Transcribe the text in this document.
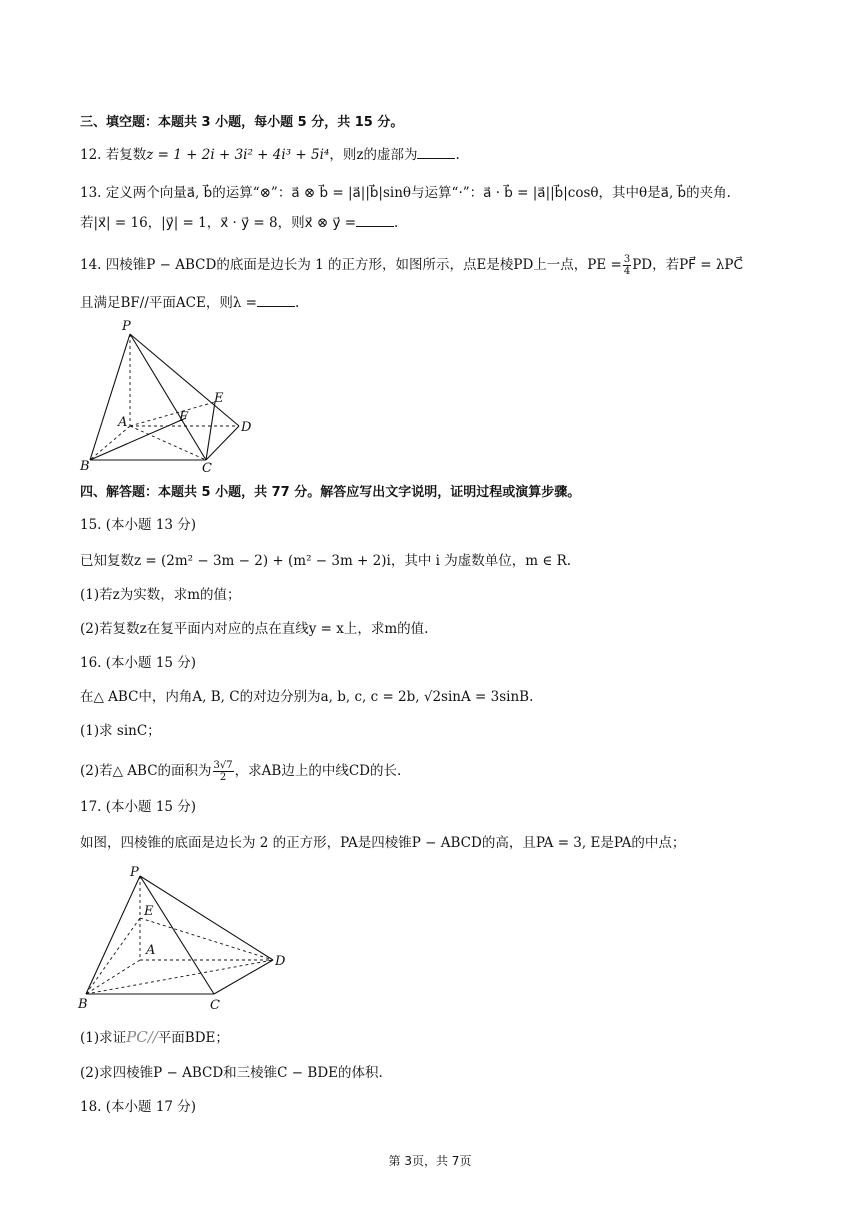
三、填空题：本题共 3 小题，每小题 5 分，共 15 分。
12. 若复数z = 1 + 2i + 3i² + 4i³ + 5i⁴，则z的虚部为	.
13. 定义两个向量a⃗, b⃗的运算“⊗”：a⃗ ⊗ b⃗ = |a⃗||b⃗|sinθ与运算“·”：a⃗ · b⃗ = |a⃗||b⃗|cosθ，其中θ是a⃗, b⃗的夹角.
若|x⃗| = 16，|y⃗| = 1，x⃗ · y⃗ = 8，则x⃗ ⊗ y⃗ =	.
14. 四棱锥P − ABCD的底面是边长为 1 的正方形，如图所示，点E是棱PD上一点，PE = $\frac{3}{4}$ PD，若PF⃗ = λPC⃗
且满足BF//平面ACE，则λ =	.
P
A
B	C
D
E
F
四、解答题：本题共 5 小题，共 77 分。解答应写出文字说明，证明过程或演算步骤。
15. (本小题 13 分)
已知复数z = (2m² − 3m − 2) + (m² − 3m + 2)i，其中 i 为虚数单位，m ∈ R.
(1)若z为实数，求m的值；
(2)若复数z在复平面内对应的点在直线y = x上，求m的值.
16. (本小题 15 分)
在△ ABC中，内角A, B, C的对边分别为a, b, c, c = 2b, √2sinA = 3sinB.
(1)求 sinC；
(2)若△ ABC的面积为 $\frac{3√7}{2}$ ，求AB边上的中线CD的长.
17. (本小题 15 分)
如图，四棱锥的底面是边长为 2 的正方形，PA是四棱锥P − ABCD的高，且PA = 3, E是PA的中点；
P
E
A
B	C
D
(1)求证PC//平面BDE；
(2)求四棱锥P − ABCD和三棱锥C − BDE的体积.
18. (本小题 17 分)
第 3页，共 7页
